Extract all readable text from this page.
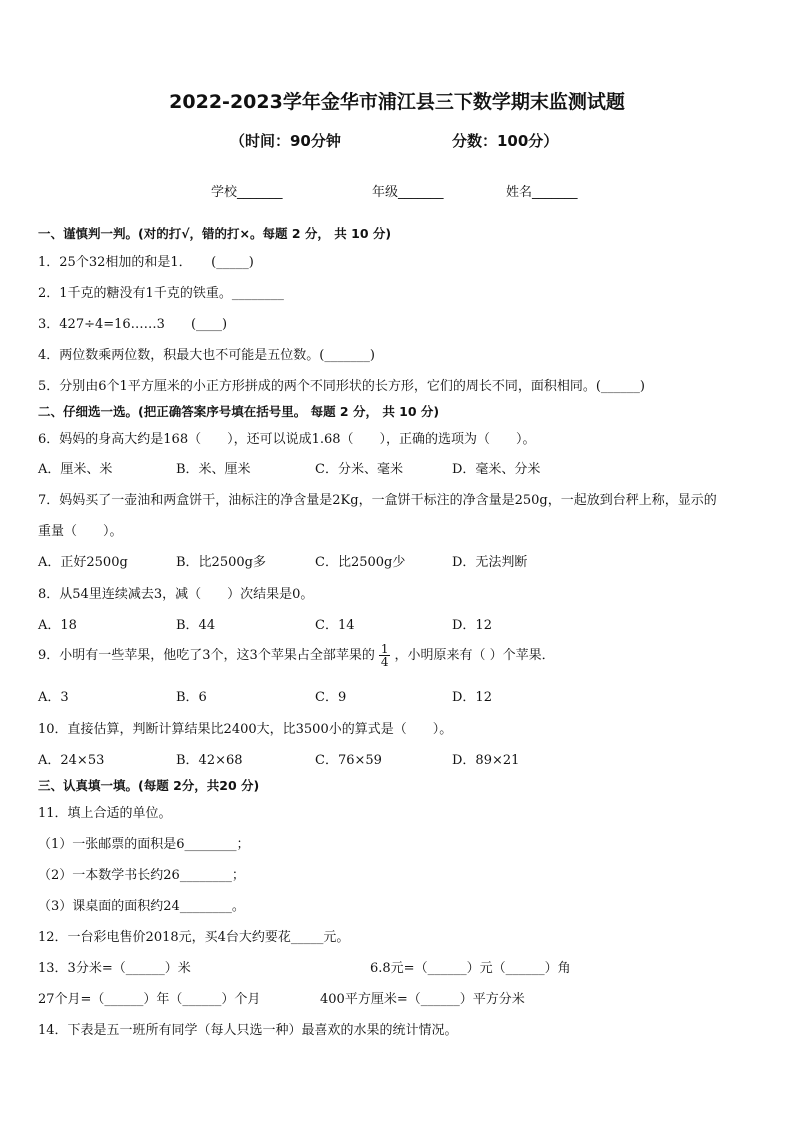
2022-2023学年金华市浦江县三下数学期末监测试题
（时间：90分钟	分数：100分）
学校_______	年级_______	姓名_______
一、谨慎判一判。(对的打√，错的打×。每题 2 分， 共 10 分)
1．25个32相加的和是1．　　(_____)
2．1千克的糖没有1千克的铁重。________
3．427÷4=16……3　　(____)
4．两位数乘两位数，积最大也不可能是五位数。(_______)
5．分别由6个1平方厘米的小正方形拼成的两个不同形状的长方形，它们的周长不同，面积相同。(______)
二、仔细选一选。(把正确答案序号填在括号里。 每题 2 分， 共 10 分)
6．妈妈的身高大约是168（　　），还可以说成1.68（　　），正确的选项为（　　）。
A．厘米、米	B．米、厘米	C．分米、毫米	D．毫米、分米
7．妈妈买了一壶油和两盒饼干，油标注的净含量是2Kg，一盒饼干标注的净含量是250g，一起放到台秤上称，显示的
重量（　　）。
A．正好2500g	B．比2500g多	C．比2500g少	D．无法判断
8．从54里连续减去3，减（　　）次结果是0。
A．18	B．44	C．14	D．12
9．小明有一些苹果，他吃了3个，这3个苹果占全部苹果的 $\frac{1}{4}$ ，小明原来有（ ）个苹果．
A．3	B．6	C．9	D．12
10．直接估算，判断计算结果比2400大，比3500小的算式是（　　）。
A．24×53	B．42×68	C．76×59	D．89×21
三、认真填一填。(每题 2分，共20 分)
11．填上合适的单位。
（1）一张邮票的面积是6________；
（2）一本数学书长约26________；
（3）课桌面的面积约24________。
12．一台彩电售价2018元，买4台大约要花_____元。
13．3分米=（______）米	6.8元=（______）元（______）角
27个月=（______）年（______）个月	400平方厘米=（______）平方分米
14．下表是五一班所有同学（每人只选一种）最喜欢的水果的统计情况。
